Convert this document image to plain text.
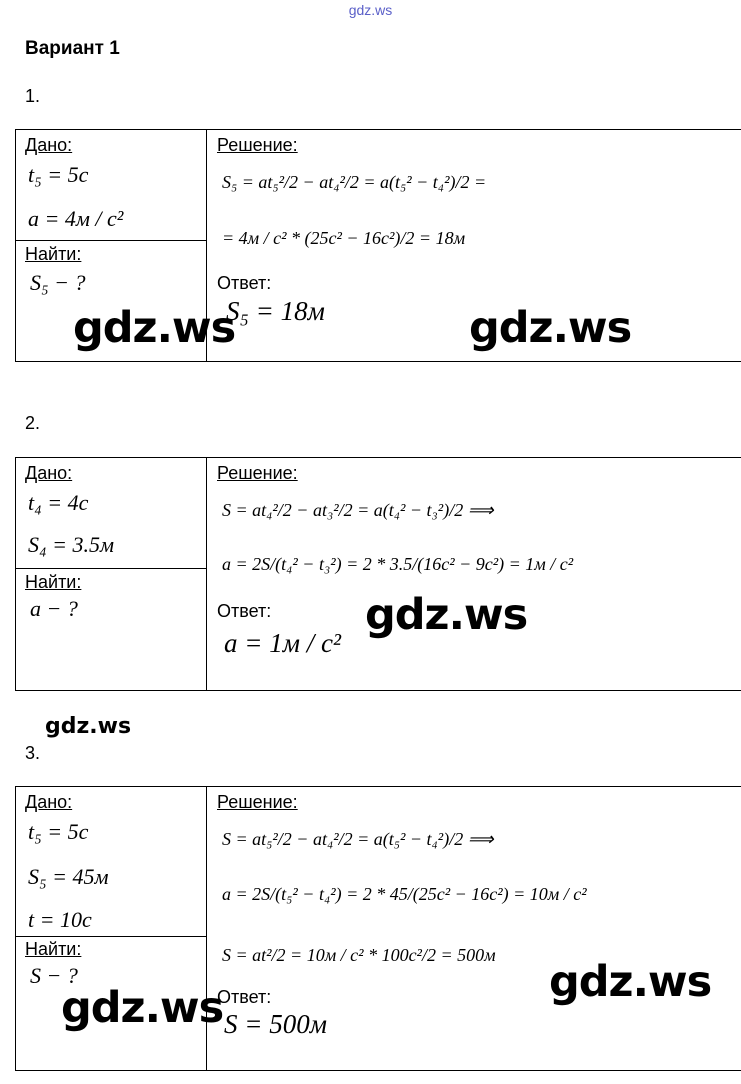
gdz.ws
Вариант 1
1.
Дано:
t₅ = 5c
a = 4м / c²
Найти:
S₅ − ?
Решение:
S₅ = at₅²/2 − at₄²/2 = a(t₅² − t₄²)/2 =
= 4м / c² * (25c² − 16c²)/2 = 18м
Ответ:
S₅ = 18м
gdz.ws	gdz.ws
2.
Дано:
t₄ = 4c
S₄ = 3.5м
Найти:
a − ?
Решение:
S = at₄²/2 − at₃²/2 = a(t₄² − t₃²)/2 ⟹
a = 2S/(t₄² − t₃²) = 2 * 3.5/(16c² − 9c²) = 1м / c²
Ответ:
a = 1м / c²
gdz.ws
gdz.ws
3.
Дано:
t₅ = 5c
S₅ = 45м
t = 10c
Найти:
S − ?
Решение:
S = at₅²/2 − at₄²/2 = a(t₅² − t₄²)/2 ⟹
a = 2S/(t₅² − t₄²) = 2 * 45/(25c² − 16c²) = 10м / c²
S = at²/2 = 10м / c² * 100c²/2 = 500м
Ответ:
S = 500м
gdz.ws
gdz.ws
